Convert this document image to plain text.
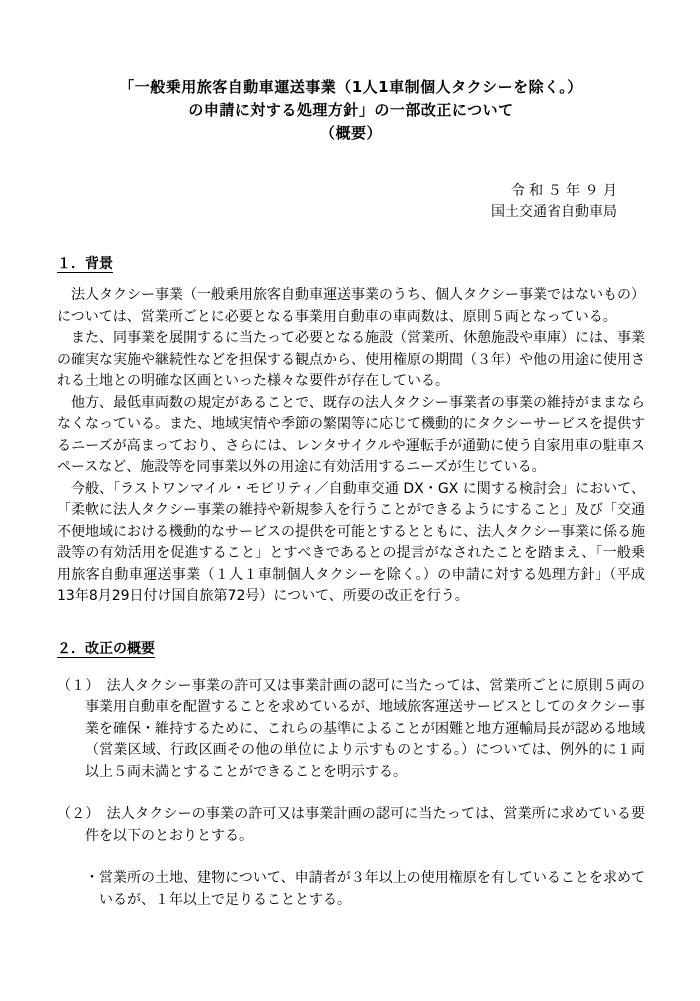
「一般乗用旅客自動車運送事業（1人1車制個人タクシーを除く。）
の申請に対する処理方針」の一部改正について
（概要）
令 和 ５ 年 ９ 月
国土交通省自動車局
１．背景

法人タクシー事業（一般乗用旅客自動車運送事業のうち、個人タクシー事業ではないもの）については、営業所ごとに必要となる事業用自動車の車両数は、原則５両となっている。

また、同事業を展開するに当たって必要となる施設（営業所、休憩施設や車庫）には、事業の確実な実施や継続性などを担保する観点から、使用権原の期間（３年）や他の用途に使用される土地との明確な区画といった様々な要件が存在している。

他方、最低車両数の規定があることで、既存の法人タクシー事業者の事業の維持がままならなくなっている。また、地域実情や季節の繁閑等に応じて機動的にタクシーサービスを提供するニーズが高まっており、さらには、レンタサイクルや運転手が通勤に使う自家用車の駐車スペースなど、施設等を同事業以外の用途に有効活用するニーズが生じている。

今般、「ラストワンマイル・モビリティ／自動車交通 DX・GX に関する検討会」において、「柔軟に法人タクシー事業の維持や新規参入を行うことができるようにすること」及び「交通不便地域における機動的なサービスの提供を可能とするとともに、法人タクシー事業に係る施設等の有効活用を促進すること」とすべきであるとの提言がなされたことを踏まえ、「一般乗用旅客自動車運送事業（１人１車制個人タクシーを除く。）の申請に対する処理方針」（平成13年8月29日付け国自旅第72号）について、所要の改正を行う。

２．改正の概要

（１）　法人タクシー事業の許可又は事業計画の認可に当たっては、営業所ごとに原則５両の事業用自動車を配置することを求めているが、地域旅客運送サービスとしてのタクシー事業を確保・維持するために、これらの基準によることが困難と地方運輸局長が認める地域（営業区域、行政区画その他の単位により示すものとする。）については、例外的に１両以上５両未満とすることができることを明示する。

（２）　法人タクシーの事業の許可又は事業計画の認可に当たっては、営業所に求めている要件を以下のとおりとする。

・営業所の土地、建物について、申請者が３年以上の使用権原を有していることを求めているが、１年以上で足りることとする。
